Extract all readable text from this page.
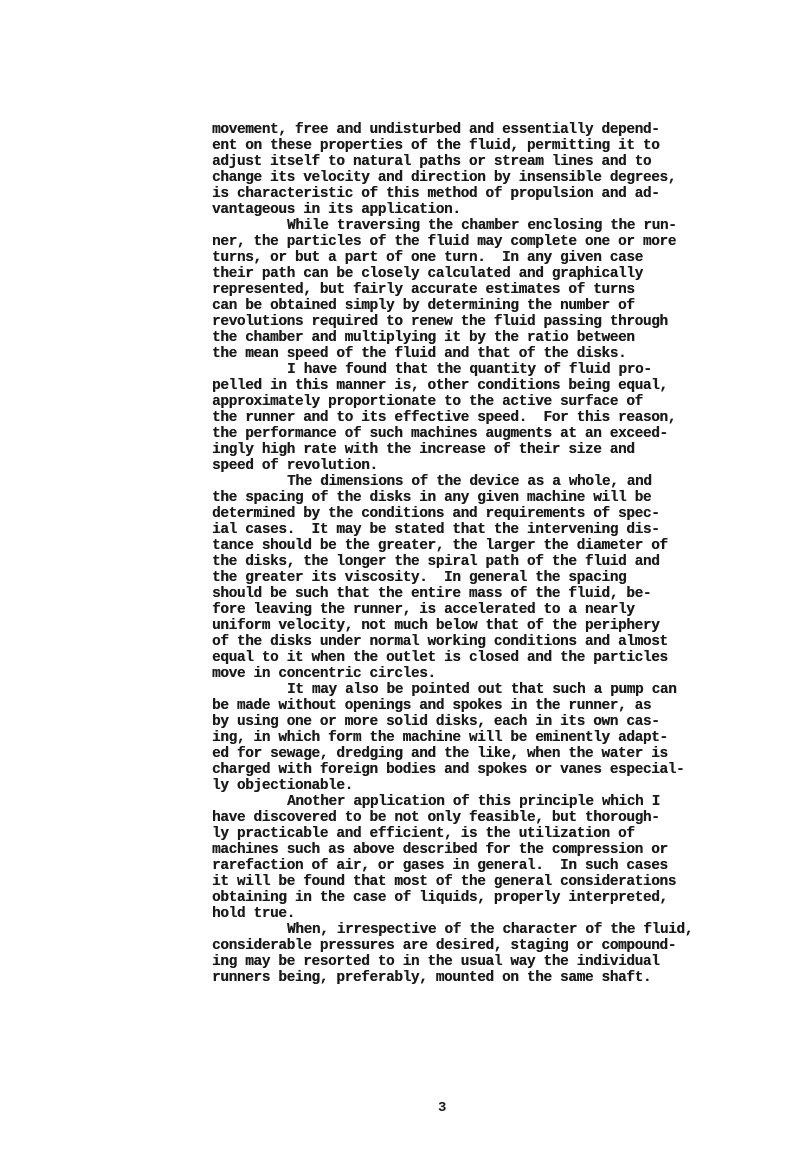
movement, free and undisturbed and essentially depend-
ent on these properties of the fluid, permitting it to
adjust itself to natural paths or stream lines and to
change its velocity and direction by insensible degrees,
is characteristic of this method of propulsion and ad-
vantageous in its application.
While traversing the chamber enclosing the run-
ner, the particles of the fluid may complete one or more
turns, or but a part of one turn.  In any given case
their path can be closely calculated and graphically
represented, but fairly accurate estimates of turns
can be obtained simply by determining the number of
revolutions required to renew the fluid passing through
the chamber and multiplying it by the ratio between
the mean speed of the fluid and that of the disks.
I have found that the quantity of fluid pro-
pelled in this manner is, other conditions being equal,
approximately proportionate to the active surface of
the runner and to its effective speed.  For this reason,
the performance of such machines augments at an exceed-
ingly high rate with the increase of their size and
speed of revolution.
The dimensions of the device as a whole, and
the spacing of the disks in any given machine will be
determined by the conditions and requirements of spec-
ial cases.  It may be stated that the intervening dis-
tance should be the greater, the larger the diameter of
the disks, the longer the spiral path of the fluid and
the greater its viscosity.  In general the spacing
should be such that the entire mass of the fluid, be-
fore leaving the runner, is accelerated to a nearly
uniform velocity, not much below that of the periphery
of the disks under normal working conditions and almost
equal to it when the outlet is closed and the particles
move in concentric circles.
It may also be pointed out that such a pump can
be made without openings and spokes in the runner, as
by using one or more solid disks, each in its own cas-
ing, in which form the machine will be eminently adapt-
ed for sewage, dredging and the like, when the water is
charged with foreign bodies and spokes or vanes especial-
ly objectionable.
Another application of this principle which I
have discovered to be not only feasible, but thorough-
ly practicable and efficient, is the utilization of
machines such as above described for the compression or
rarefaction of air, or gases in general.  In such cases
it will be found that most of the general considerations
obtaining in the case of liquids, properly interpreted,
hold true.
When, irrespective of the character of the fluid,
considerable pressures are desired, staging or compound-
ing may be resorted to in the usual way the individual
runners being, preferably, mounted on the same shaft.
3
